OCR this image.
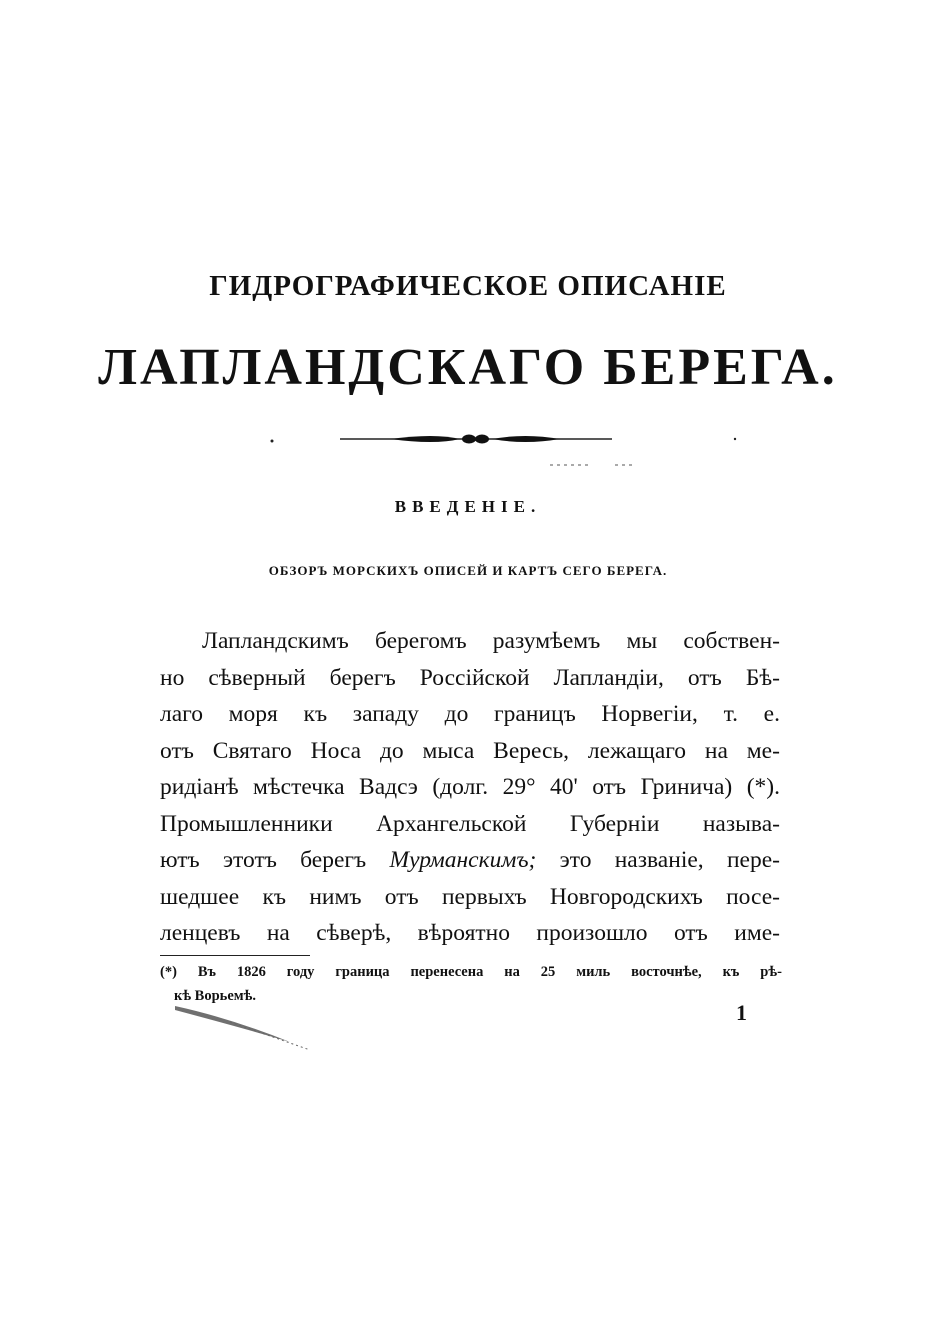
ГИДРОГРАФИЧЕСКОЕ ОПИСАНІЕ
ЛАПЛАНДСКАГО БЕРЕГА.
ВВЕДЕНІЕ.
ОБЗОРЪ МОРСКИХЪ ОПИСЕЙ И КАРТЪ СЕГО БЕРЕГА.
Лапландскимъ берегомъ разумѣемъ мы собствен-
но сѣверный берегъ Россійской Лапландіи, отъ Бѣ-
лаго моря къ западу до границъ Норвегіи, т. е.
отъ Святаго Носа до мыса Вересь, лежащаго на ме-
ридіанѣ мѣстечка Вадсэ (долг. 29° 40' отъ Гринича) (*).
Промышленники Архангельской Губерніи называ-
ютъ этотъ берегъ Мурманскимъ; это названіе, пере-
шедшее къ нимъ отъ первыхъ Новгородскихъ посе-
ленцевъ на сѣверѣ, вѣроятно произошло отъ име-
(*) Въ 1826 году граница перенесена на 25 миль восточнѣе, къ рѣ-
кѣ Ворьемѣ.
1
